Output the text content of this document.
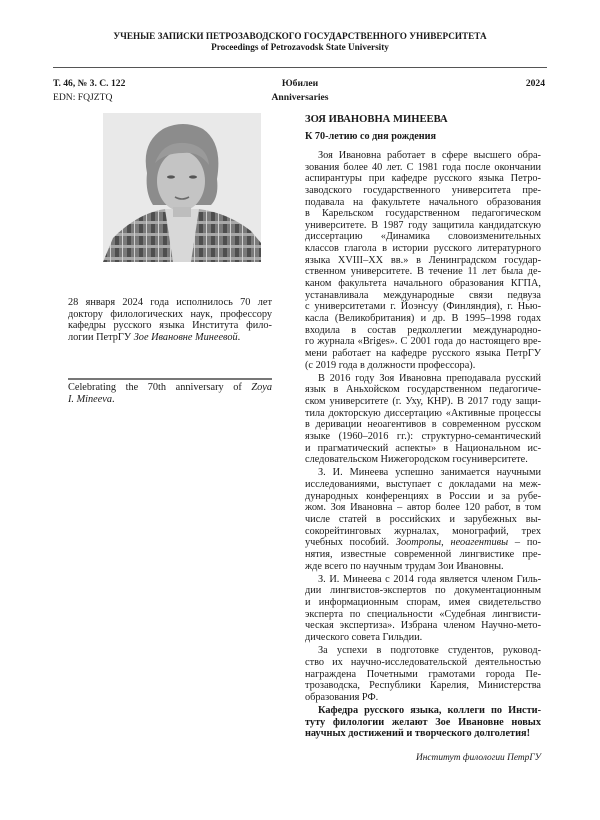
УЧЕНЫЕ ЗАПИСКИ ПЕТРОЗАВОДСКОГО ГОСУДАРСТВЕННОГО УНИВЕРСИТЕТА
Proceedings of Petrozavodsk State University
Т. 46, № 3. С. 122
EDN: FQJZTQ
Юбилеи
Anniversaries
2024
28 января 2024 года исполнилось 70 лет
доктору филологических наук, профессору
кафедры русского языка Института фило-
логии ПетрГУ Зое Ивановне Минеевой.
Celebrating the 70th anniversary of Zoya
I. Mineeva.
ЗОЯ ИВАНОВНА МИНЕЕВА
К 70-летию со дня рождения
Зоя Ивановна работает в сфере высшего обра-
зования более 40 лет. С 1981 года после окончании
аспирантуры при кафедре русского языка Петро-
заводского государственного университета пре-
подавала на факультете начального образования
в Карельском государственном педагогическом
университете. В 1987 году защитила кандидатскую
диссертацию «Динамика словоизменительных
классов глагола в истории русского литературного
языка XVIII–XX вв.» в Ленинградском государ-
ственном университете. В течение 11 лет была де-
каном факультета начального образования КГПА,
устанавливала международные связи педвуза
с университетами г. Йоэнсуу (Финляндия), г. Нью-
касла (Великобритания) и др. В 1995–1998 годах
входила в состав редколлегии международно-
го журнала «Briges». С 2001 года до настоящего вре-
мени работает на кафедре русского языка ПетрГУ
(с 2019 года в должности профессора).
В 2016 году Зоя Ивановна преподавала русский
язык в Аньхойском государственном педагогиче-
ском университете (г. Уху, КНР). В 2017 году защи-
тила докторскую диссертацию «Активные процессы
в деривации неоагентивов в современном русском
языке (1960–2016 гг.): структурно-семантический
и прагматический аспекты» в Национальном ис-
следовательском Нижегородском госуниверситете.
З. И. Минеева успешно занимается научными
исследованиями, выступает с докладами на меж-
дународных конференциях в России и за рубе-
жом. Зоя Ивановна – автор более 120 работ, в том
числе статей в российских и зарубежных вы-
сокорейтинговых журналах, монографий, трех
учебных пособий. Зоотропы, неоагентивы – по-
нятия, известные современной лингвистике пре-
жде всего по научным трудам Зои Ивановны.
З. И. Минеева с 2014 года является членом Гиль-
дии лингвистов-экспертов по документационным
и информационным спорам, имея свидетельство
эксперта по специальности «Судебная лингвисти-
ческая экспертиза». Избрана членом Научно-мето-
дического совета Гильдии.
За успехи в подготовке студентов, руковод-
ство их научно-исследовательской деятельностью
награждена Почетными грамотами города Пе-
трозаводска, Республики Карелия, Министерства
образования РФ.
Кафедра русского языка, коллеги по Инсти-
туту филологии желают Зое Ивановне новых
научных достижений и творческого долголетия!
Институт филологии ПетрГУ
